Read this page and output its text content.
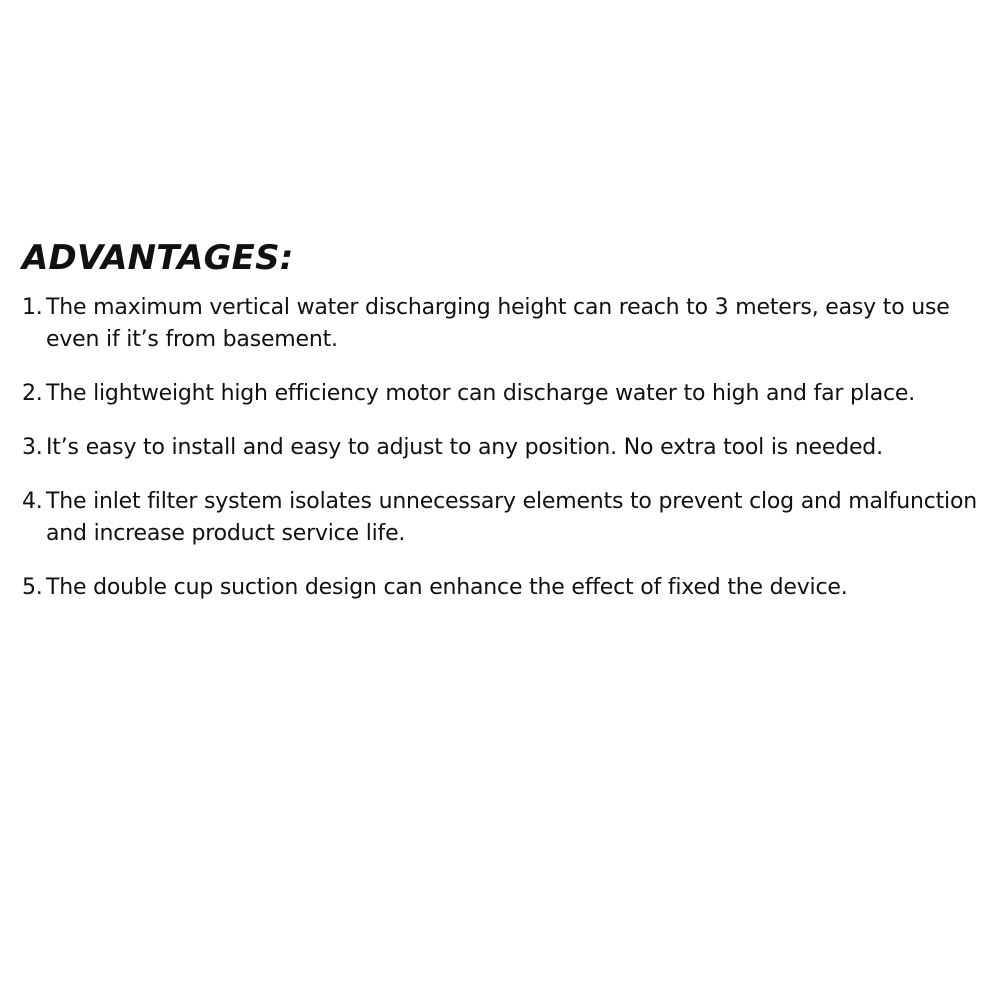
ADVANTAGES:
1. The maximum vertical water discharging height can reach to 3 meters, easy to use even if it’s from basement.
2. The lightweight high efficiency motor can discharge water to high and far place.
3. It’s easy to install and easy to adjust to any position. No extra tool is needed.
4. The inlet filter system isolates unnecessary elements to prevent clog and malfunction and increase product service life.
5. The double cup suction design can enhance the effect of fixed the device.
